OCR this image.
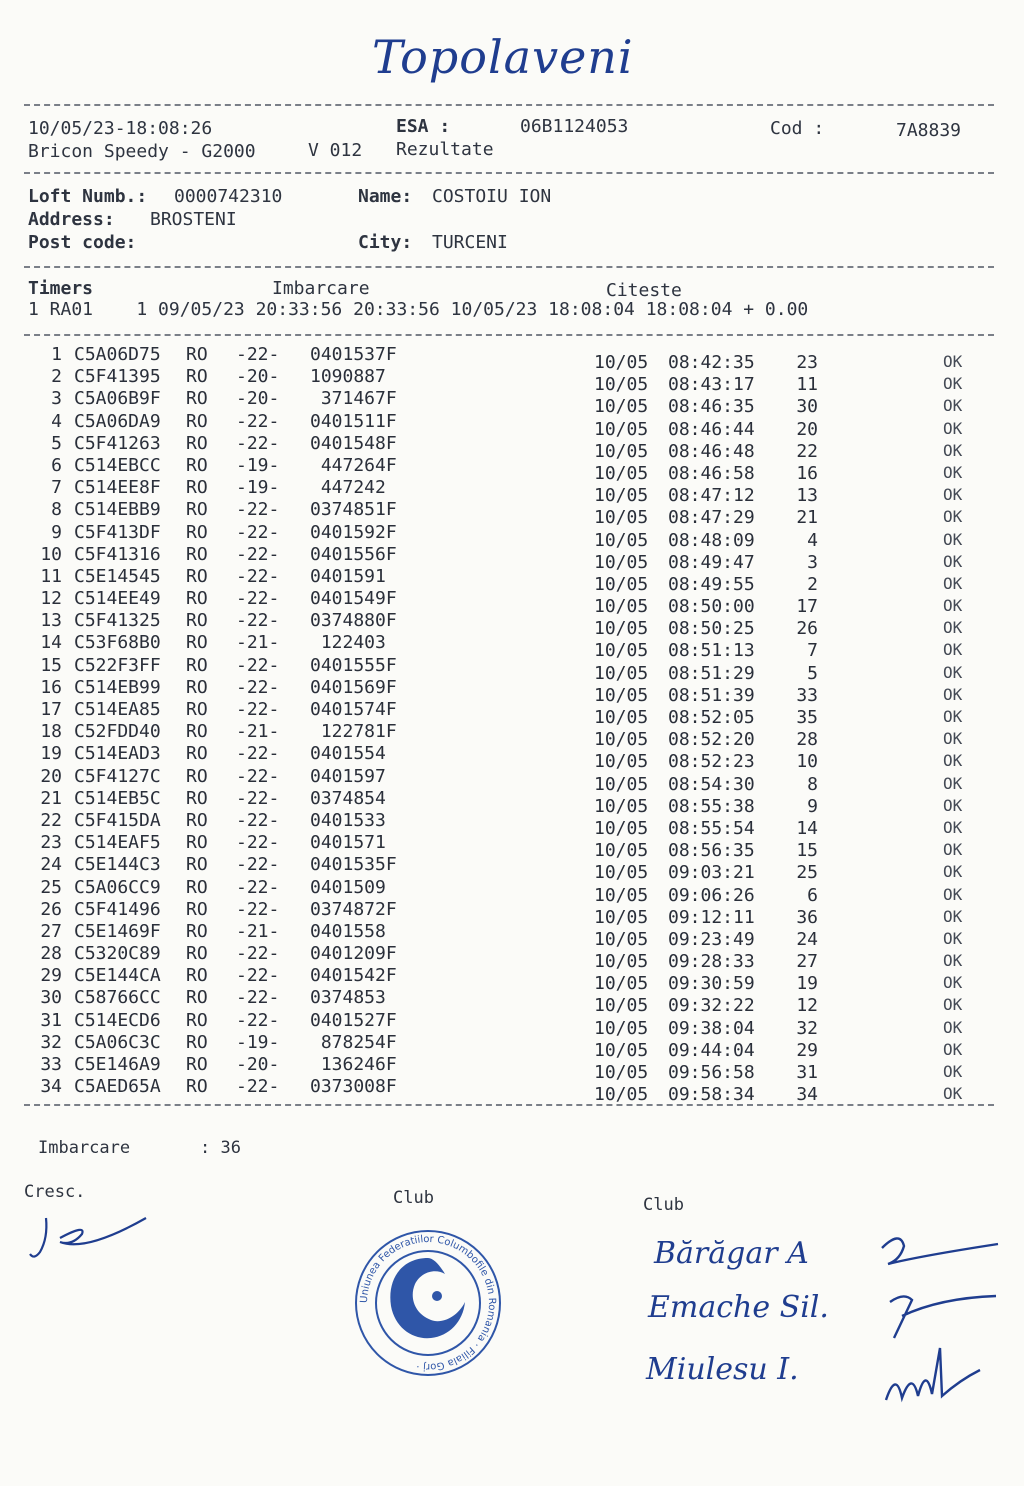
Topolaveni
10/05/23-18:08:26	ESA :	06B1124053	Cod :	7A8839
Bricon Speedy - G2000	V 012 Rezultate
Loft Numb.: 0000742310	Name: COSTOIU ION
Address: BROSTENI
Post code:	City: TURCENI
Timers	Imbarcare	Citeste
1 RA01    1 09/05/23 20:33:56 20:33:56 10/05/23 18:08:04 18:08:04 + 0.00
1 C5A06D75 RO -22- 0401537F	10/05 08:42:35	23	OK
2 C5F41395 RO -20- 1090887	10/05 08:43:17	11	OK
3 C5A06B9F RO -20- 371467F	10/05 08:46:35	30	OK
4 C5A06DA9 RO -22- 0401511F	10/05 08:46:44	20	OK
5 C5F41263 RO -22- 0401548F	10/05 08:46:48	22	OK
6 C514EBCC RO -19- 447264F	10/05 08:46:58	16	OK
7 C514EE8F RO -19- 447242	10/05 08:47:12	13	OK
8 C514EBB9 RO -22- 0374851F	10/05 08:47:29	21	OK
9 C5F413DF RO -22- 0401592F	10/05 08:48:09	4	OK
10 C5F41316 RO -22- 0401556F	10/05 08:49:47	3	OK
11 C5E14545 RO -22- 0401591	10/05 08:49:55	2	OK
12 C514EE49 RO -22- 0401549F	10/05 08:50:00	17	OK
13 C5F41325 RO -22- 0374880F	10/05 08:50:25	26	OK
14 C53F68B0 RO -21- 122403	10/05 08:51:13	7	OK
15 C522F3FF RO -22- 0401555F	10/05 08:51:29	5	OK
16 C514EB99 RO -22- 0401569F	10/05 08:51:39	33	OK
17 C514EA85 RO -22- 0401574F	10/05 08:52:05	35	OK
18 C52FDD40 RO -21- 122781F	10/05 08:52:20	28	OK
19 C514EAD3 RO -22- 0401554	10/05 08:52:23	10	OK
20 C5F4127C RO -22- 0401597	10/05 08:54:30	8	OK
21 C514EB5C RO -22- 0374854	10/05 08:55:38	9	OK
22 C5F415DA RO -22- 0401533	10/05 08:55:54	14	OK
23 C514EAF5 RO -22- 0401571	10/05 08:56:35	15	OK
24 C5E144C3 RO -22- 0401535F	10/05 09:03:21	25	OK
25 C5A06CC9 RO -22- 0401509	10/05 09:06:26	6	OK
26 C5F41496 RO -22- 0374872F	10/05 09:12:11	36	OK
27 C5E1469F RO -21- 0401558	10/05 09:23:49	24	OK
28 C5320C89 RO -22- 0401209F	10/05 09:28:33	27	OK
29 C5E144CA RO -22- 0401542F	10/05 09:30:59	19	OK
30 C58766CC RO -22- 0374853	10/05 09:32:22	12	OK
31 C514ECD6 RO -22- 0401527F	10/05 09:38:04	32	OK
32 C5A06C3C RO -19- 878254F	10/05 09:44:04	29	OK
33 C5E146A9 RO -20- 136246F	10/05 09:56:58	31	OK
34 C5AED65A RO -22- 0373008F	10/05 09:58:34	34	OK
Imbarcare	: 36
Cresc.	Club	Club
Uniunea Federatiilor Columbofile din Romania · Filiala Gorj ·
Bărăgar A
Emache Sil.
Miulesu I.
